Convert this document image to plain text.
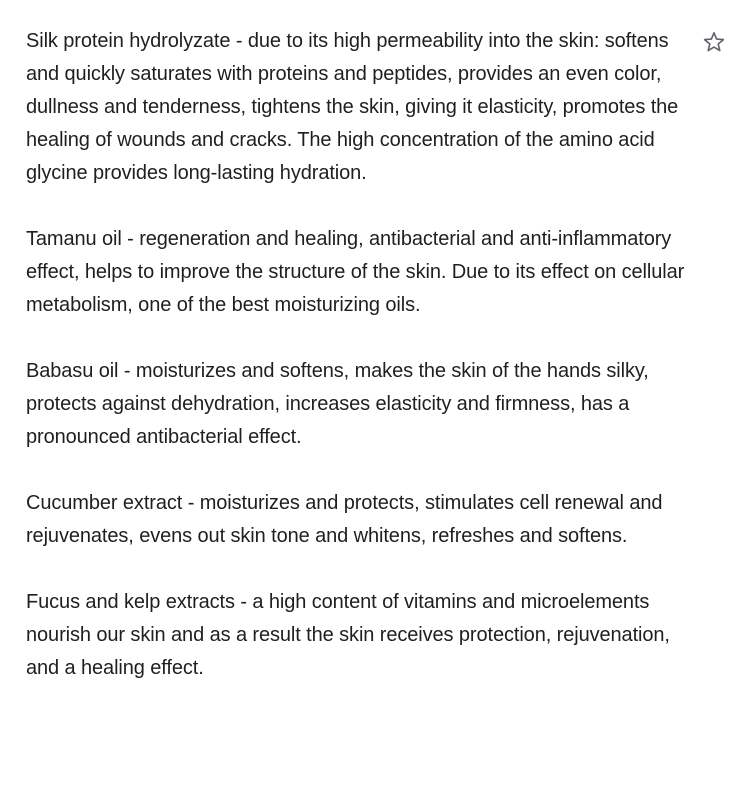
Silk protein hydrolyzate - due to its high permeability into the skin: softens and quickly saturates with proteins and peptides, provides an even color, dullness and tenderness, tightens the skin, giving it elasticity, promotes the healing of wounds and cracks. The high concentration of the amino acid glycine provides long-lasting hydration.

Tamanu oil - regeneration and healing, antibacterial and anti-inflammatory effect, helps to improve the structure of the skin. Due to its effect on cellular metabolism, one of the best moisturizing oils.

Babasu oil - moisturizes and softens, makes the skin of the hands silky, protects against dehydration, increases elasticity and firmness, has a pronounced antibacterial effect.

Cucumber extract - moisturizes and protects, stimulates cell renewal and rejuvenates, evens out skin tone and whitens, refreshes and softens.

Fucus and kelp extracts - a high content of vitamins and microelements nourish our skin and as a result the skin receives protection, rejuvenation, and a healing effect.
